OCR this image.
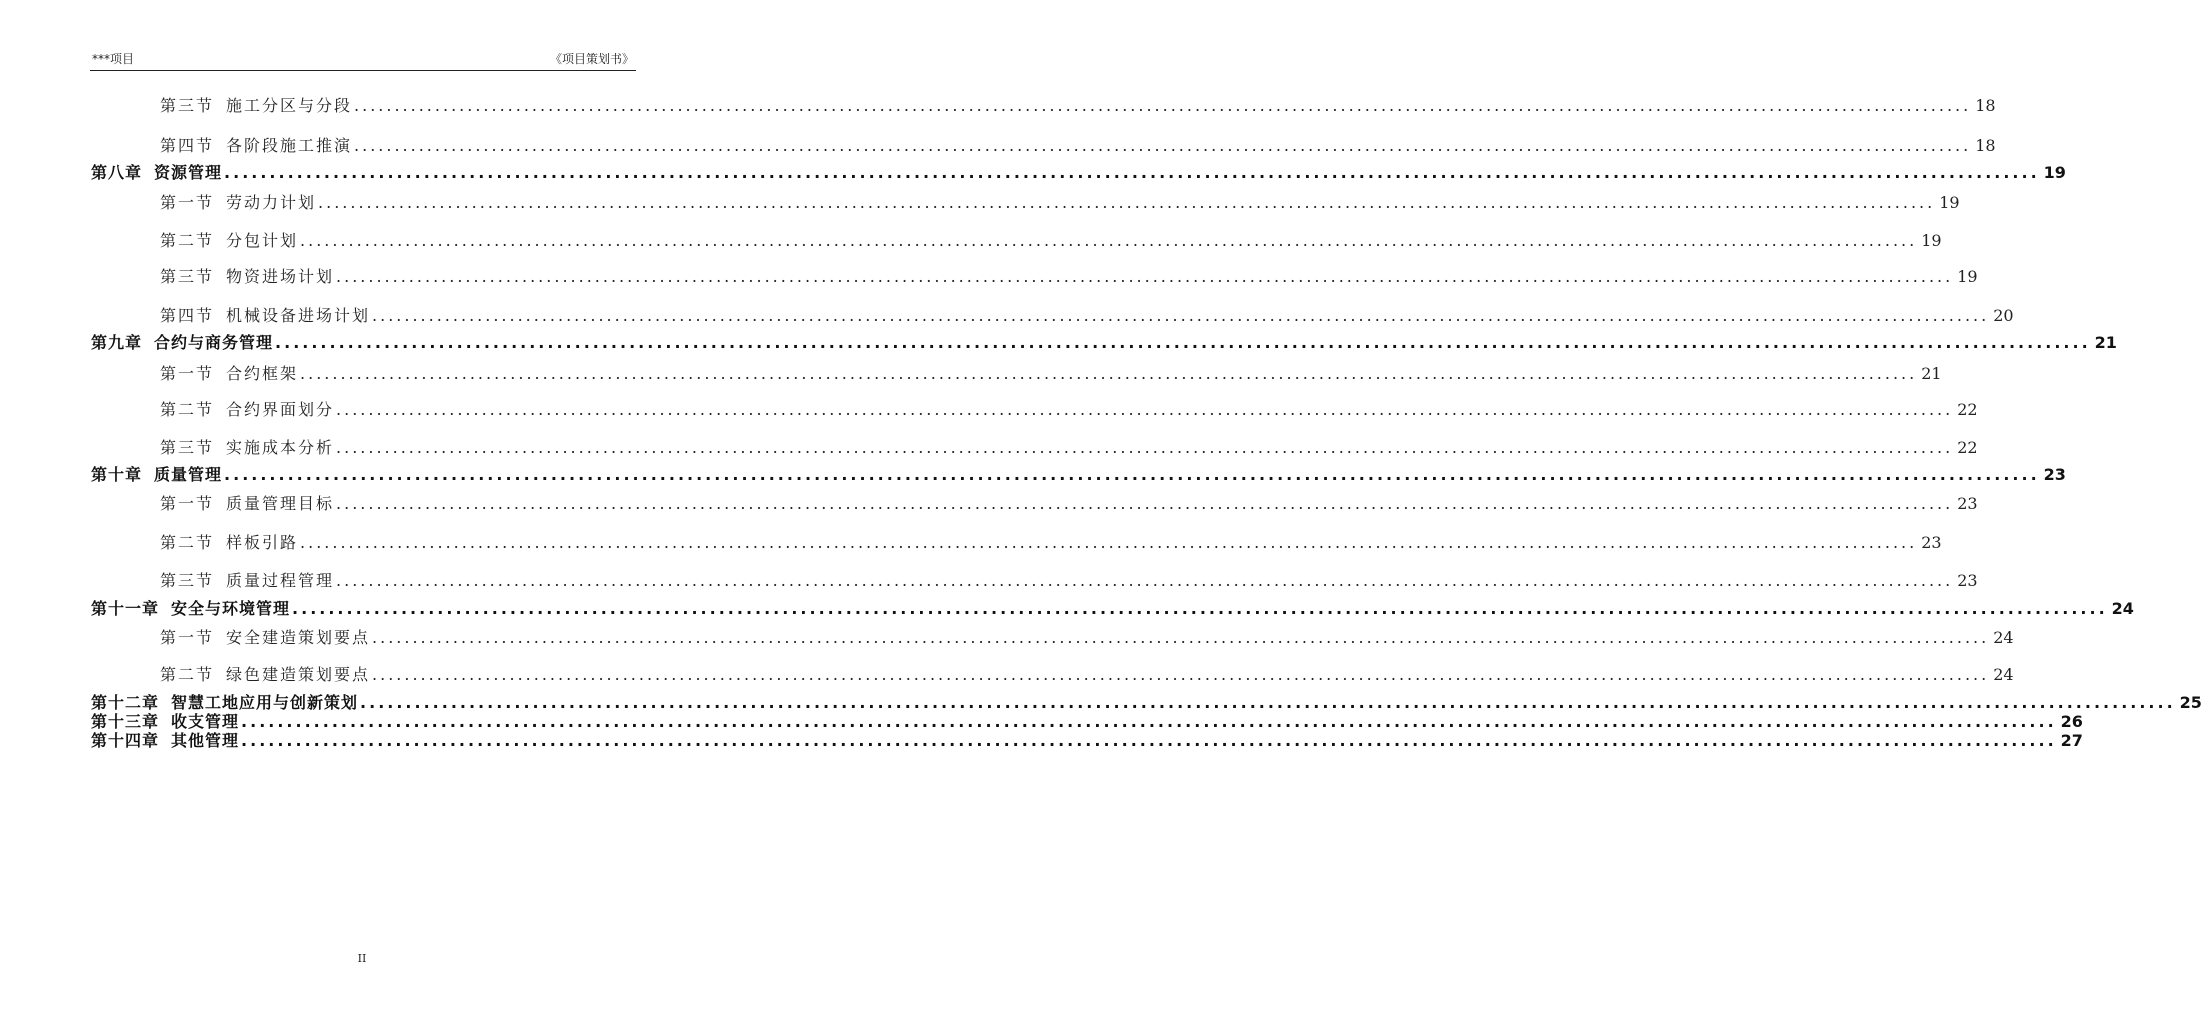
***项目	《项目策划书》
第三节 施工分区与分段 ........................................................................................................................................................................................................ 18
第四节 各阶段施工推演 ........................................................................................................................................................................................................ 18
第八章 资源管理 ........................................................................................................................................................................................................ 19
第一节 劳动力计划 ........................................................................................................................................................................................................ 19
第二节 分包计划 ........................................................................................................................................................................................................ 19
第三节 物资进场计划 ........................................................................................................................................................................................................ 19
第四节 机械设备进场计划 ........................................................................................................................................................................................................ 20
第九章 合约与商务管理 ........................................................................................................................................................................................................ 21
第一节 合约框架 ........................................................................................................................................................................................................ 21
第二节 合约界面划分 ........................................................................................................................................................................................................ 22
第三节 实施成本分析 ........................................................................................................................................................................................................ 22
第十章 质量管理 ........................................................................................................................................................................................................ 23
第一节 质量管理目标 ........................................................................................................................................................................................................ 23
第二节 样板引路 ........................................................................................................................................................................................................ 23
第三节 质量过程管理 ........................................................................................................................................................................................................ 23
第十一章 安全与环境管理 ........................................................................................................................................................................................................ 24
第一节 安全建造策划要点 ........................................................................................................................................................................................................ 24
第二节 绿色建造策划要点 ........................................................................................................................................................................................................ 24
第十二章 智慧工地应用与创新策划 ........................................................................................................................................................................................................ 25
第十三章 收支管理 ........................................................................................................................................................................................................ 26
第十四章 其他管理 ........................................................................................................................................................................................................ 27
II
